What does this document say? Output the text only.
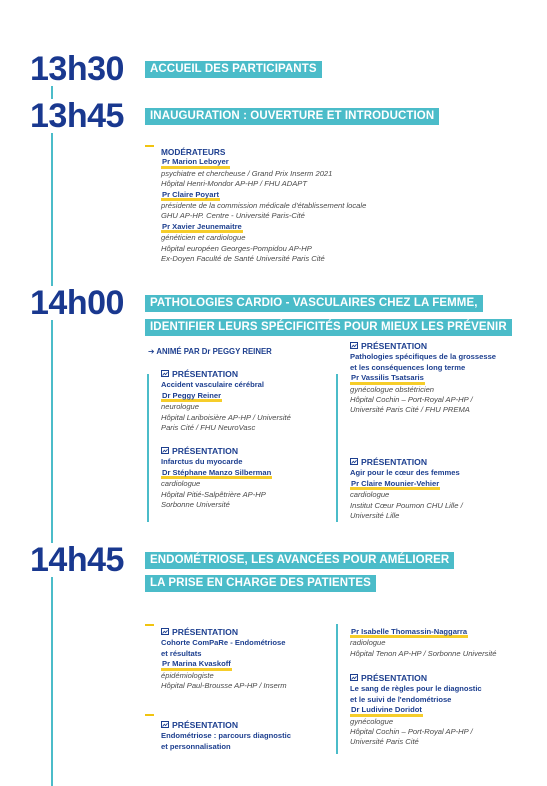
13h30	ACCUEIL DES PARTICIPANTS
13h45	INAUGURATION : OUVERTURE ET INTRODUCTION
MODÉRATEURS
Pr Marion Leboyer
psychiatre et chercheuse / Grand Prix Inserm 2021
Hôpital Henri-Mondor AP-HP / FHU ADAPT
Pr Claire Poyart
présidente de la commission médicale d'établissement locale
GHU AP-HP. Centre - Université Paris-Cité
Pr Xavier Jeunemaitre
généticien et cardiologue
Hôpital européen Georges-Pompidou AP-HP
Ex-Doyen Faculté de Santé Université Paris Cité
14h00	PATHOLOGIES CARDIO - VASCULAIRES CHEZ LA FEMME,
IDENTIFIER LEURS SPÉCIFICITÉS POUR MIEUX LES PRÉVENIR
➔ ANIMÉ PAR Dr PEGGY REINER
PRÉSENTATION
Accident vasculaire cérébral
Dr Peggy Reiner
neurologue
Hôpital Lariboisière AP-HP / Université
Paris Cité / FHU NeuroVasc
PRÉSENTATION
Infarctus du myocarde
Dr Stéphane Manzo Silberman
cardiologue
Hôpital Pitié-Salpêtrière AP-HP
Sorbonne Université
PRÉSENTATION
Pathologies spécifiques de la grossesse
et les conséquences long terme
Pr Vassilis Tsatsaris
gynécologue obstétricien
Hôpital Cochin – Port-Royal AP-HP /
Université Paris Cité / FHU PREMA
PRÉSENTATION
Agir pour le cœur des femmes
Pr Claire Mounier-Vehier
cardiologue
Institut Cœur Poumon CHU Lille /
Université Lille
14h45	ENDOMÉTRIOSE, LES AVANCÉES POUR AMÉLIORER
LA PRISE EN CHARGE DES PATIENTES
PRÉSENTATION
Cohorte ComPaRe - Endométriose
et résultats
Pr Marina Kvaskoff
épidémiologiste
Hôpital Paul-Brousse AP-HP / Inserm
PRÉSENTATION
Endométriose : parcours diagnostic
et personnalisation
Pr Isabelle Thomassin-Naggarra
radiologue
Hôpital Tenon AP-HP / Sorbonne Université
PRÉSENTATION
Le sang de règles pour le diagnostic
et le suivi de l'endométriose
Dr Ludivine Doridot
gynécologue
Hôpital Cochin – Port-Royal AP-HP /
Université Paris Cité
